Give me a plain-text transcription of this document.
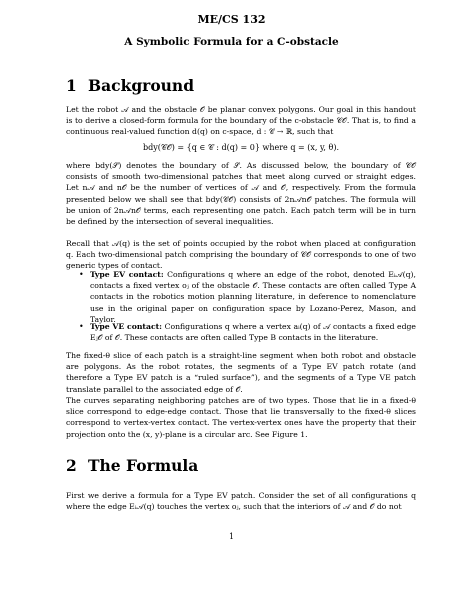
ME/CS 132
A Symbolic Formula for a C-obstacle
1 Background
Let the robot 𝒜 and the obstacle 𝒪 be planar convex polygons. Our goal in this handout is to derive a closed-form formula for the boundary of the c-obstacle 𝒞𝒪. That is, to find a continuous real-valued function d(q) on c-space, d : 𝒞 → ℝ, such that
bdy(𝒞𝒪) = {q ∈ 𝒞 : d(q) = 0} where q = (x, y, θ).
where bdy(𝒮) denotes the boundary of 𝒮. As discussed below, the boundary of 𝒞𝒪 consists of smooth two-dimensional patches that meet along curved or straight edges. Let n𝒜 and n𝒪 be the number of vertices of 𝒜 and 𝒪, respectively. From the formula presented below we shall see that bdy(𝒞𝒪) consists of 2n𝒜n𝒪 patches. The formula will be union of 2n𝒜n𝒪 terms, each representing one patch. Each patch term will be in turn be defined by the intersection of several inequalities.
Recall that 𝒜(q) is the set of points occupied by the robot when placed at configuration q. Each two-dimensional patch comprising the boundary of 𝒞𝒪 corresponds to one of two generic types of contact.
• Type EV contact: Configurations q where an edge of the robot, denoted Eᵢ𝒜(q), contacts a fixed vertex oⱼ of the obstacle 𝒪. These contacts are often called Type A contacts in the robotics motion planning literature, in deference to nomenclature use in the original paper on configuration space by Lozano-Perez, Mason, and Taylor.
• Type VE contact: Configurations q where a vertex aᵢ(q) of 𝒜 contacts a fixed edge Eⱼ𝒪 of 𝒪. These contacts are often called Type B contacts in the literature.
The fixed-θ slice of each patch is a straight-line segment when both robot and obstacle are polygons. As the robot rotates, the segments of a Type EV patch rotate (and therefore a Type EV patch is a “ruled surface”), and the segments of a Type VE patch translate parallel to the associated edge of 𝒪.
The curves separating neighboring patches are of two types. Those that lie in a fixed-θ slice correspond to edge-edge contact. Those that lie transversally to the fixed-θ slices correspond to vertex-vertex contact. The vertex-vertex ones have the property that their projection onto the (x, y)-plane is a circular arc. See Figure 1.
2 The Formula
First we derive a formula for a Type EV patch. Consider the set of all configurations q where the edge Eᵢ𝒜(q) touches the vertex oⱼ, such that the interiors of 𝒜 and 𝒪 do not
1
